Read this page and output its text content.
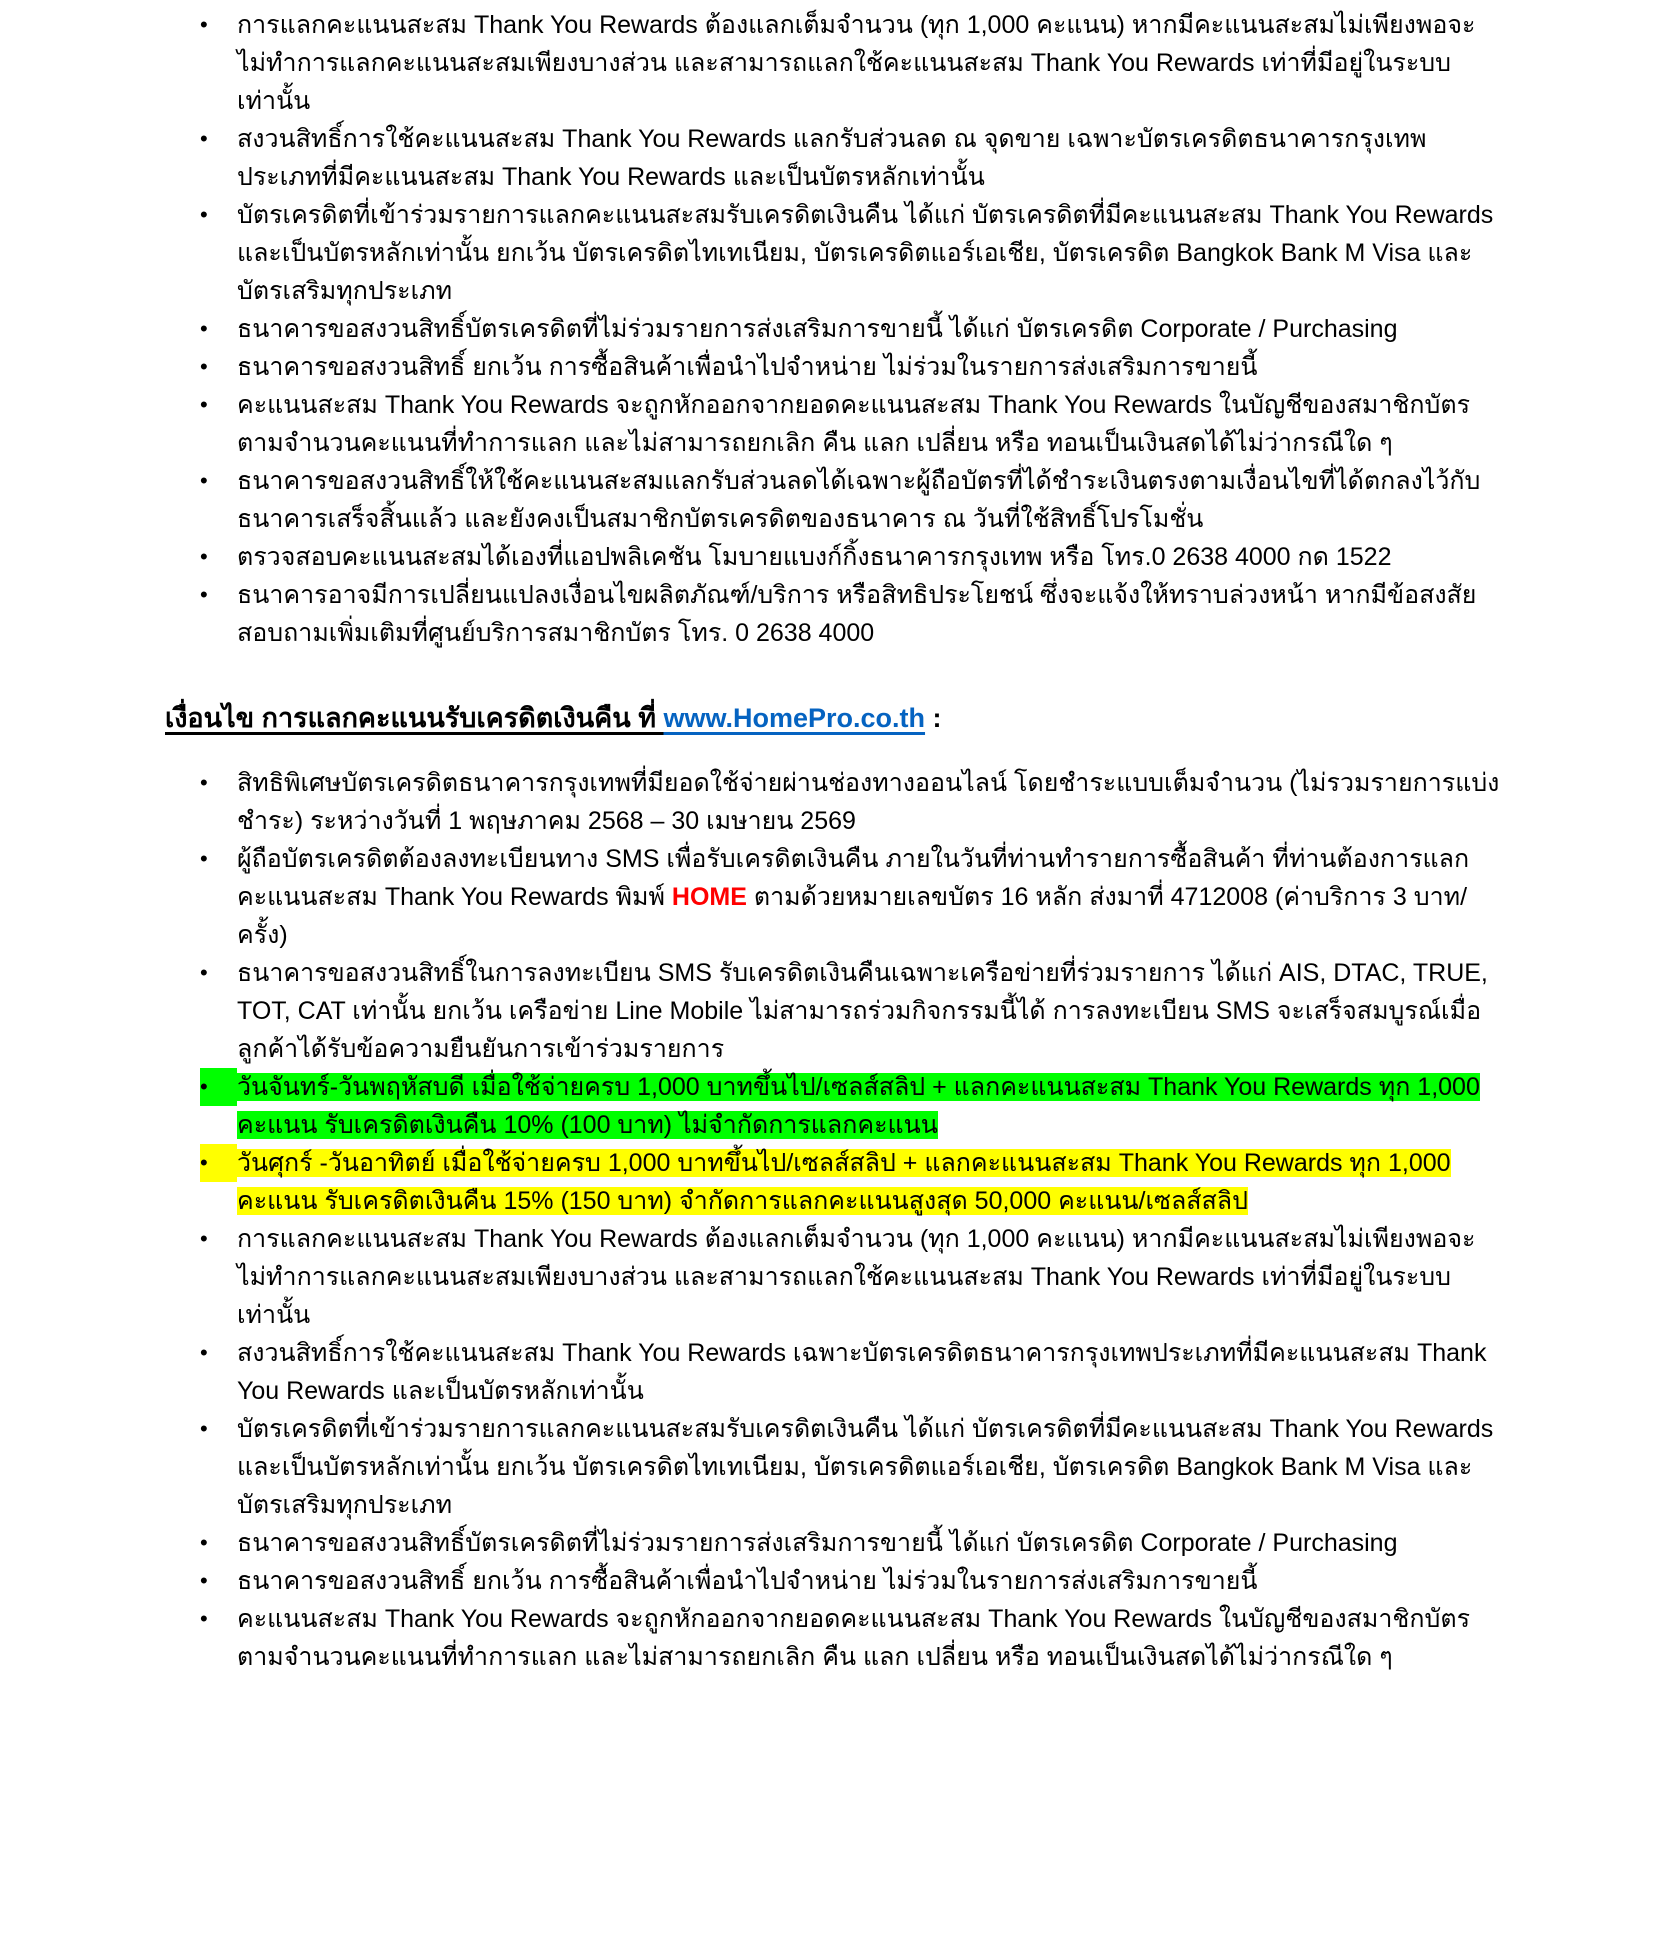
•	การแลกคะแนนสะสม Thank You Rewards ต้องแลกเต็มจำนวน (ทุก 1,000 คะแนน) หากมีคะแนนสะสมไม่เพียงพอจะไม่ทำการแลกคะแนนสะสมเพียงบางส่วน และสามารถแลกใช้คะแนนสะสม Thank You Rewards เท่าที่มีอยู่ในระบบเท่านั้น
•	สงวนสิทธิ์การใช้คะแนนสะสม Thank You Rewards แลกรับส่วนลด ณ จุดขาย เฉพาะบัตรเครดิตธนาคารกรุงเทพประเภทที่มีคะแนนสะสม Thank You Rewards และเป็นบัตรหลักเท่านั้น
•	บัตรเครดิตที่เข้าร่วมรายการแลกคะแนนสะสมรับเครดิตเงินคืน ได้แก่ บัตรเครดิตที่มีคะแนนสะสม Thank You Rewards และเป็นบัตรหลักเท่านั้น ยกเว้น บัตรเครดิตไทเทเนียม, บัตรเครดิตแอร์เอเชีย, บัตรเครดิต Bangkok Bank M Visa และบัตรเสริมทุกประเภท
•	ธนาคารขอสงวนสิทธิ์บัตรเครดิตที่ไม่ร่วมรายการส่งเสริมการขายนี้ ได้แก่ บัตรเครดิต Corporate / Purchasing
•	ธนาคารขอสงวนสิทธิ์ ยกเว้น การซื้อสินค้าเพื่อนำไปจำหน่าย ไม่ร่วมในรายการส่งเสริมการขายนี้
•	คะแนนสะสม Thank You Rewards จะถูกหักออกจากยอดคะแนนสะสม Thank You Rewards ในบัญชีของสมาชิกบัตรตามจำนวนคะแนนที่ทำการแลก และไม่สามารถยกเลิก คืน แลก เปลี่ยน หรือ ทอนเป็นเงินสดได้ไม่ว่ากรณีใด ๆ
•	ธนาคารขอสงวนสิทธิ์ให้ใช้คะแนนสะสมแลกรับส่วนลดได้เฉพาะผู้ถือบัตรที่ได้ชำระเงินตรงตามเงื่อนไขที่ได้ตกลงไว้กับธนาคารเสร็จสิ้นแล้ว และยังคงเป็นสมาชิกบัตรเครดิตของธนาคาร ณ วันที่ใช้สิทธิ์โปรโมชั่น
•	ตรวจสอบคะแนนสะสมได้เองที่แอปพลิเคชัน โมบายแบงก์กิ้งธนาคารกรุงเทพ หรือ โทร.0 2638 4000 กด 1522
•	ธนาคารอาจมีการเปลี่ยนแปลงเงื่อนไขผลิตภัณฑ์/บริการ หรือสิทธิประโยชน์ ซึ่งจะแจ้งให้ทราบล่วงหน้า หากมีข้อสงสัยสอบถามเพิ่มเติมที่ศูนย์บริการสมาชิกบัตร โทร. 0 2638 4000
เงื่อนไข การแลกคะแนนรับเครดิตเงินคืน ที่ www.HomePro.co.th :
•	สิทธิพิเศษบัตรเครดิตธนาคารกรุงเทพที่มียอดใช้จ่ายผ่านช่องทางออนไลน์ โดยชำระแบบเต็มจำนวน (ไม่รวมรายการแบ่งชำระ) ระหว่างวันที่ 1 พฤษภาคม 2568 – 30 เมษายน 2569
•	ผู้ถือบัตรเครดิตต้องลงทะเบียนทาง SMS เพื่อรับเครดิตเงินคืน ภายในวันที่ท่านทำรายการซื้อสินค้า ที่ท่านต้องการแลกคะแนนสะสม Thank You Rewards พิมพ์ HOME ตามด้วยหมายเลขบัตร 16 หลัก ส่งมาที่ 4712008 (ค่าบริการ 3 บาท/ครั้ง)
•	ธนาคารขอสงวนสิทธิ์ในการลงทะเบียน SMS รับเครดิตเงินคืนเฉพาะเครือข่ายที่ร่วมรายการ ได้แก่ AIS, DTAC, TRUE, TOT, CAT เท่านั้น ยกเว้น เครือข่าย Line Mobile ไม่สามารถร่วมกิจกรรมนี้ได้ การลงทะเบียน SMS จะเสร็จสมบูรณ์เมื่อลูกค้าได้รับข้อความยืนยันการเข้าร่วมรายการ
•	วันจันทร์-วันพฤหัสบดี เมื่อใช้จ่ายครบ 1,000 บาทขึ้นไป/เซลส์สลิป + แลกคะแนนสะสม Thank You Rewards ทุก 1,000 คะแนน รับเครดิตเงินคืน 10% (100 บาท) ไม่จำกัดการแลกคะแนน
•	วันศุกร์ -วันอาทิตย์ เมื่อใช้จ่ายครบ 1,000 บาทขึ้นไป/เซลส์สลิป + แลกคะแนนสะสม Thank You Rewards ทุก 1,000 คะแนน รับเครดิตเงินคืน 15% (150 บาท) จำกัดการแลกคะแนนสูงสุด 50,000 คะแนน/เซลส์สลิป
•	การแลกคะแนนสะสม Thank You Rewards ต้องแลกเต็มจำนวน (ทุก 1,000 คะแนน) หากมีคะแนนสะสมไม่เพียงพอจะไม่ทำการแลกคะแนนสะสมเพียงบางส่วน และสามารถแลกใช้คะแนนสะสม Thank You Rewards เท่าที่มีอยู่ในระบบเท่านั้น
•	สงวนสิทธิ์การใช้คะแนนสะสม Thank You Rewards เฉพาะบัตรเครดิตธนาคารกรุงเทพประเภทที่มีคะแนนสะสม Thank You Rewards และเป็นบัตรหลักเท่านั้น
•	บัตรเครดิตที่เข้าร่วมรายการแลกคะแนนสะสมรับเครดิตเงินคืน ได้แก่ บัตรเครดิตที่มีคะแนนสะสม Thank You Rewards และเป็นบัตรหลักเท่านั้น ยกเว้น บัตรเครดิตไทเทเนียม, บัตรเครดิตแอร์เอเชีย, บัตรเครดิต Bangkok Bank M Visa และบัตรเสริมทุกประเภท
•	ธนาคารขอสงวนสิทธิ์บัตรเครดิตที่ไม่ร่วมรายการส่งเสริมการขายนี้ ได้แก่ บัตรเครดิต Corporate / Purchasing
•	ธนาคารขอสงวนสิทธิ์ ยกเว้น การซื้อสินค้าเพื่อนำไปจำหน่าย ไม่ร่วมในรายการส่งเสริมการขายนี้
•	คะแนนสะสม Thank You Rewards จะถูกหักออกจากยอดคะแนนสะสม Thank You Rewards ในบัญชีของสมาชิกบัตรตามจำนวนคะแนนที่ทำการแลก และไม่สามารถยกเลิก คืน แลก เปลี่ยน หรือ ทอนเป็นเงินสดได้ไม่ว่ากรณีใด ๆ
